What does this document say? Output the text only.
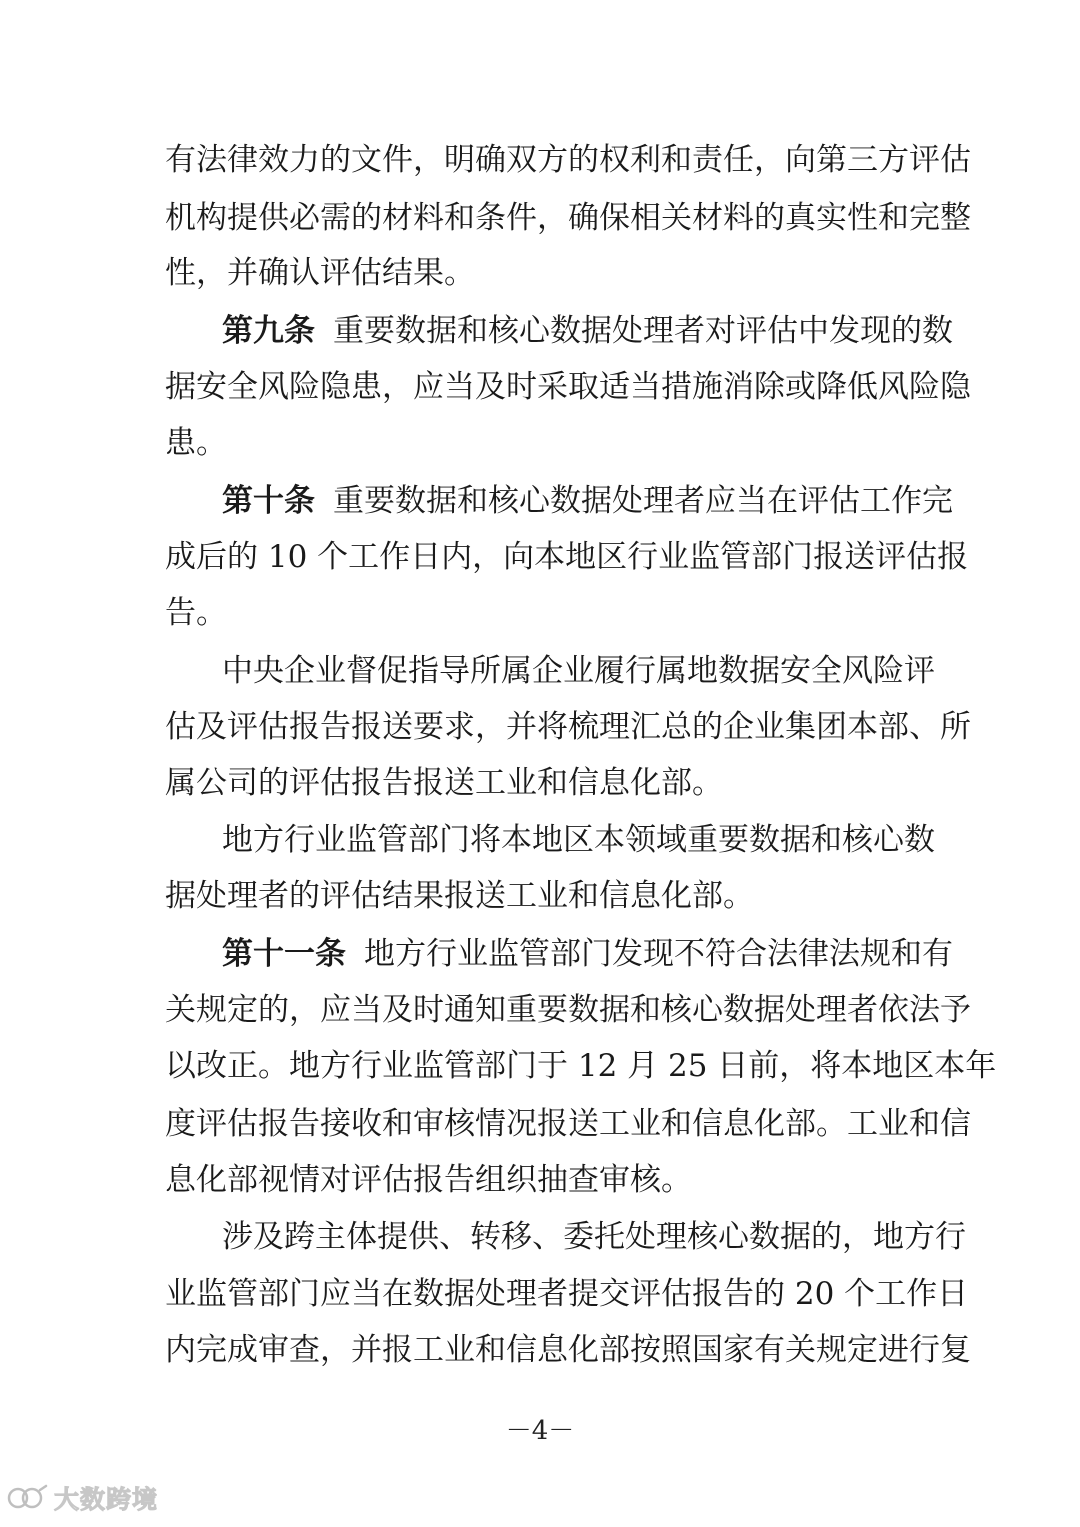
有法律效力的文件，明确双方的权利和责任，向第三方评估
机构提供必需的材料和条件，确保相关材料的真实性和完整
性，并确认评估结果。
第九条 重要数据和核心数据处理者对评估中发现的数
据安全风险隐患，应当及时采取适当措施消除或降低风险隐
患。
第十条 重要数据和核心数据处理者应当在评估工作完
成后的 10 个工作日内，向本地区行业监管部门报送评估报
告。
中央企业督促指导所属企业履行属地数据安全风险评
估及评估报告报送要求，并将梳理汇总的企业集团本部、所
属公司的评估报告报送工业和信息化部。
地方行业监管部门将本地区本领域重要数据和核心数
据处理者的评估结果报送工业和信息化部。
第十一条 地方行业监管部门发现不符合法律法规和有
关规定的，应当及时通知重要数据和核心数据处理者依法予
以改正。地方行业监管部门于 12 月 25 日前，将本地区本年
度评估报告接收和审核情况报送工业和信息化部。工业和信
息化部视情对评估报告组织抽查审核。
涉及跨主体提供、转移、委托处理核心数据的，地方行
业监管部门应当在数据处理者提交评估报告的 20 个工作日
内完成审查，并报工业和信息化部按照国家有关规定进行复
－4－
大数跨境
